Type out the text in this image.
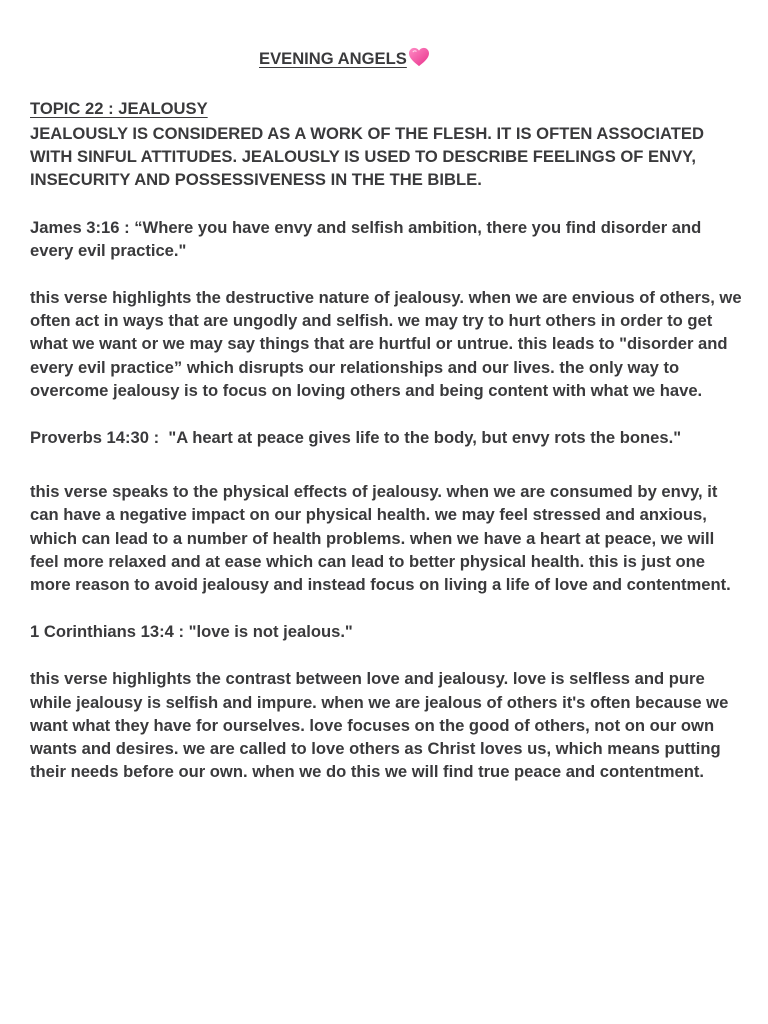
EVENING ANGELS

TOPIC 22 : JEALOUSY

JEALOUSLY IS CONSIDERED AS A WORK OF THE FLESH. IT IS OFTEN ASSOCIATED WITH SINFUL ATTITUDES. JEALOUSLY IS USED TO DESCRIBE FEELINGS OF ENVY, INSECURITY AND POSSESSIVENESS IN THE THE BIBLE.

James 3:16 : “Where you have envy and selfish ambition, there you find disorder and every evil practice."

this verse highlights the destructive nature of jealousy. when we are envious of others, we often act in ways that are ungodly and selfish. we may try to hurt others in order to get what we want or we may say things that are hurtful or untrue. this leads to "disorder and every evil practice” which disrupts our relationships and our lives. the only way to overcome jealousy is to focus on loving others and being content with what we have.

Proverbs 14:30 :  "A heart at peace gives life to the body, but envy rots the bones."

this verse speaks to the physical effects of jealousy. when we are consumed by envy, it can have a negative impact on our physical health. we may feel stressed and anxious, which can lead to a number of health problems. when we have a heart at peace, we will feel more relaxed and at ease which can lead to better physical health. this is just one more reason to avoid jealousy and instead focus on living a life of love and contentment.

1 Corinthians 13:4 : "love is not jealous."

this verse highlights the contrast between love and jealousy. love is selfless and pure while jealousy is selfish and impure. when we are jealous of others it's often because we want what they have for ourselves. love focuses on the good of others, not on our own wants and desires. we are called to love others as Christ loves us, which means putting their needs before our own. when we do this we will find true peace and contentment.
